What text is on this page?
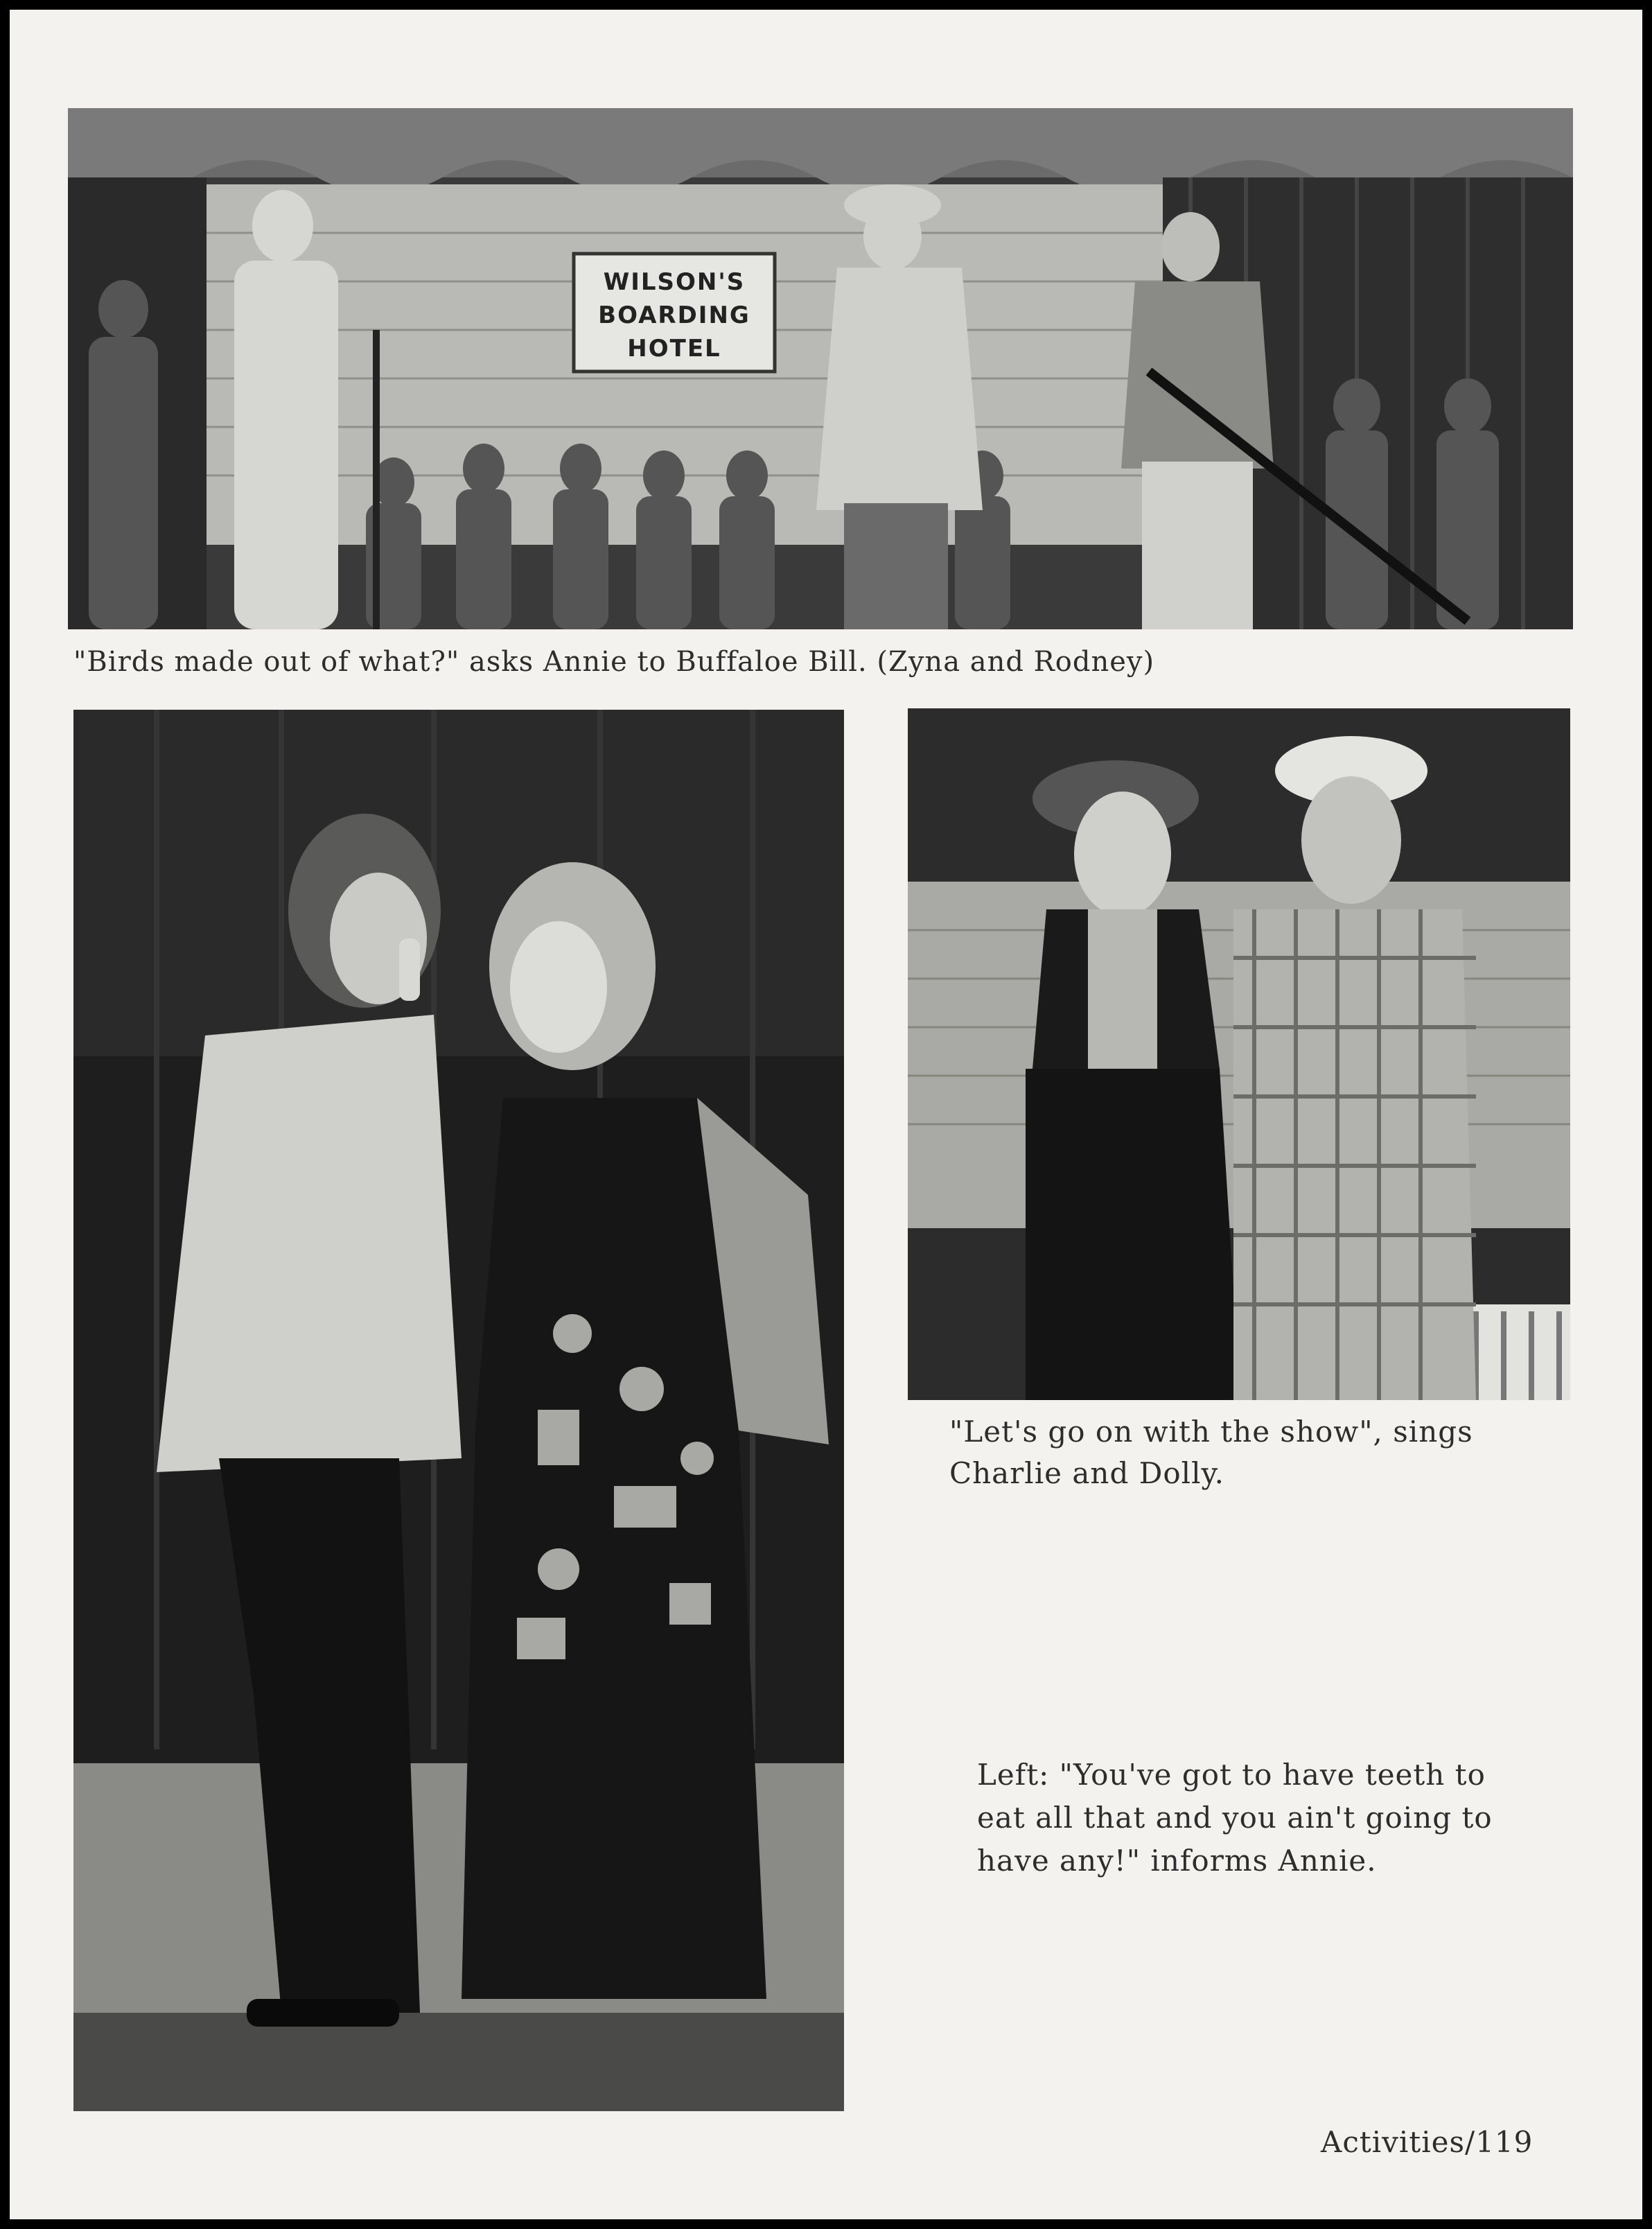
WILSON'S
BOARDING
HOTEL
"Birds made out of what?" asks Annie to Buffaloe Bill. (Zyna and Rodney)
"Let's go on with the show", sings
Charlie and Dolly.
Left: "You've got to have teeth to
eat all that and you ain't going to
have any!" informs Annie.
Activities/119
